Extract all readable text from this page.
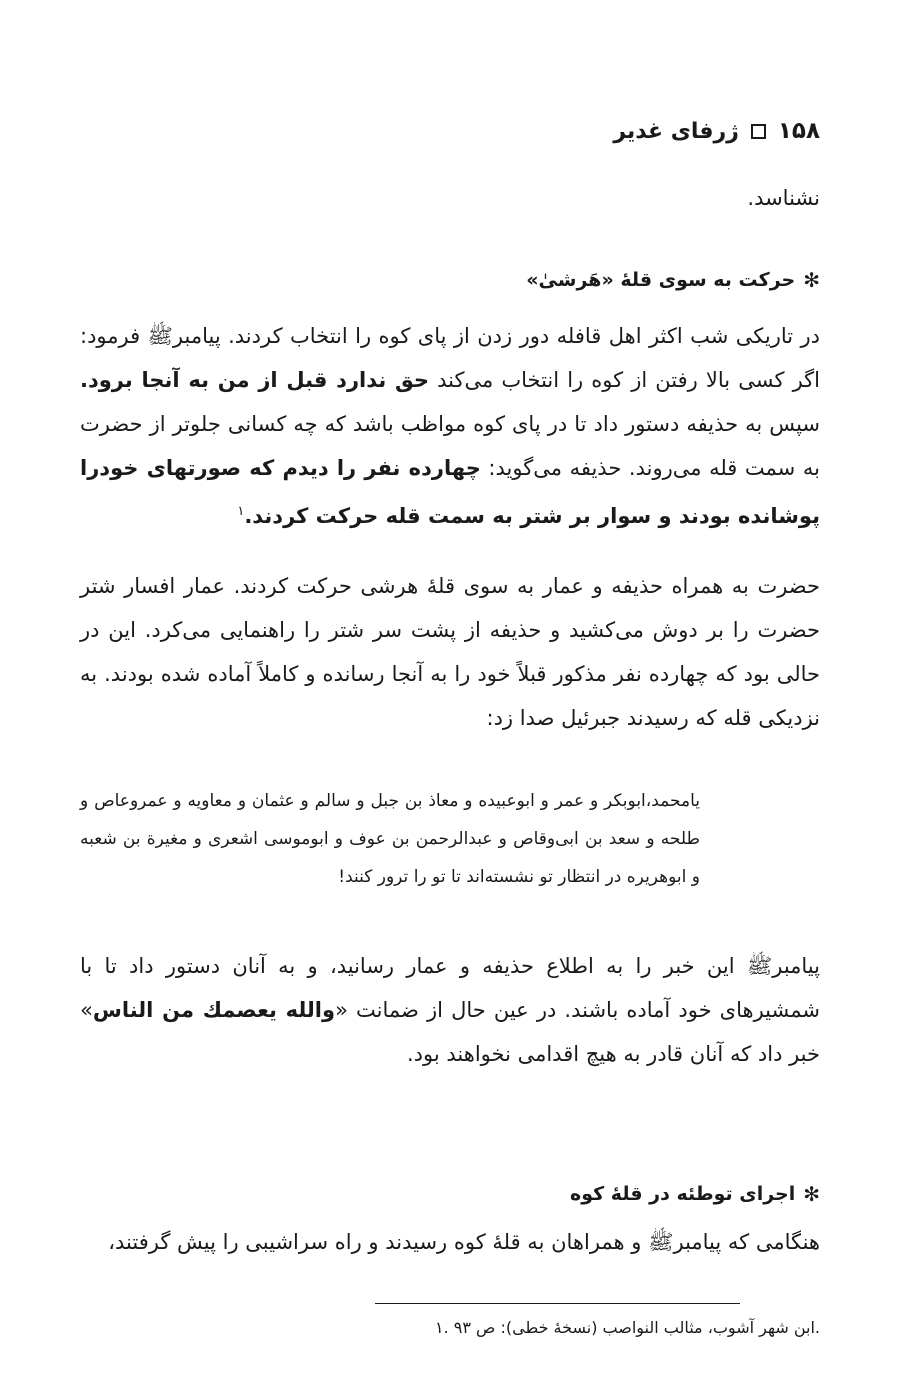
۱۵۸
ژرفای غدیر
نشناسد.
✻
حرکت به سوی قلۀ «هَرشیٰ»
در تاریکی شب اکثر اهل قافله دور زدن از پای کوه را انتخاب کردند. پیامبرﷺ فرمود: اگر کسی بالا رفتن از کوه را انتخاب می‌کند حق ندارد قبل از من به آنجا برود. سپس به حذیفه دستور داد تا در پای کوه مواظب باشد که چه کسانی جلوتر از حضرت به سمت قله می‌روند. حذیفه می‌گوید: چهارده نفر را دیدم که صورتهای خودرا پوشانده بودند و سوار بر شتر به سمت قله حرکت کردند.$^۱$
حضرت به همراه حذیفه و عمار به سوی قلۀ هرشی حرکت کردند. عمار افسار شتر حضرت را بر دوش می‌کشید و حذیفه از پشت سر شتر را راهنمایی می‌کرد. این در حالی بود که چهارده نفر مذکور قبلاً خود را به آنجا رسانده و کاملاً آماده شده بودند. به نزدیکی قله که رسیدند جبرئیل صدا زد:
یامحمد،ابوبکر و عمر و ابوعبیده و معاذ بن جبل و سالم و عثمان و معاویه و عمروعاص و طلحه و سعد بن ابی‌وقاص و عبدالرحمن بن عوف و ابوموسی اشعری و مغیرة بن شعبه و ابوهریره در انتظار تو نشسته‌اند تا تو را ترور کنند!
پیامبرﷺ این خبر را به اطلاع حذیفه و عمار رسانید، و به آنان دستور داد تا با شمشیرهای خود آماده باشند. در عین حال از ضمانت «والله یعصمك من الناس» خبر داد که آنان قادر به هیچ اقدامی نخواهند بود.
✻
اجرای توطئه در قلۀ کوه
هنگامی که پیامبرﷺ و همراهان به قلۀ کوه رسیدند و راه سراشیبی را پیش گرفتند،
۱. ابن شهر آشوب، مثالب النواصب (نسخۀ خطی): ص ۹۳.
